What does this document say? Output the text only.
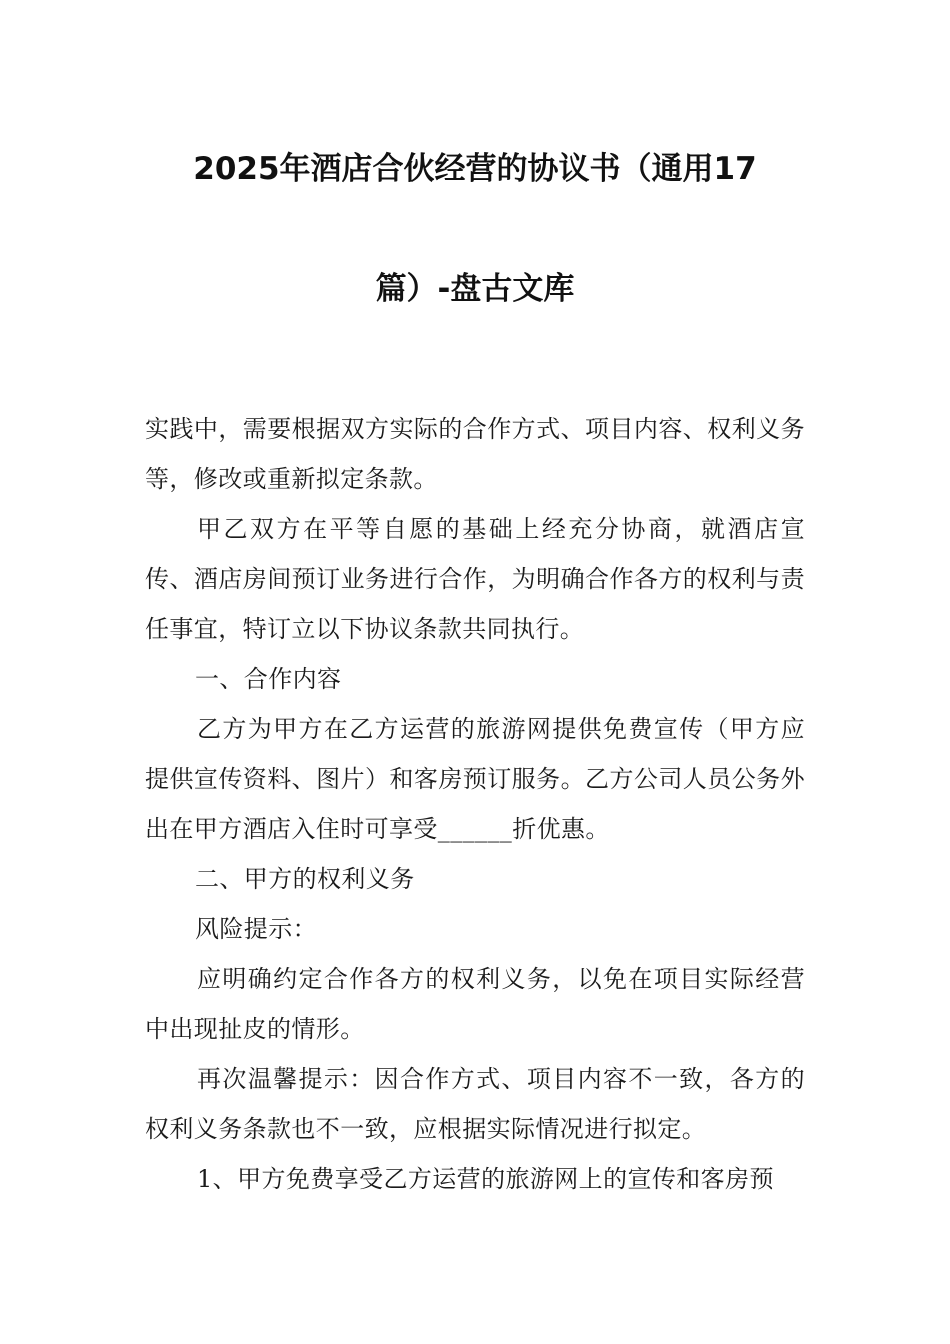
2025年酒店合伙经营的协议书（通用17
篇）-盘古文库

实践中，需要根据双方实际的合作方式、项目内容、权利义务等，修改或重新拟定条款。

甲乙双方在平等自愿的基础上经充分协商，就酒店宣传、酒店房间预订业务进行合作，为明确合作各方的权利与责任事宜，特订立以下协议条款共同执行。

一、合作内容

乙方为甲方在乙方运营的旅游网提供免费宣传（甲方应提供宣传资料、图片）和客房预订服务。乙方公司人员公务外出在甲方酒店入住时可享受______折优惠。

二、甲方的权利义务

风险提示：

应明确约定合作各方的权利义务，以免在项目实际经营中出现扯皮的情形。

再次温馨提示：因合作方式、项目内容不一致，各方的权利义务条款也不一致，应根据实际情况进行拟定。

1、甲方免费享受乙方运营的旅游网上的宣传和客房预
